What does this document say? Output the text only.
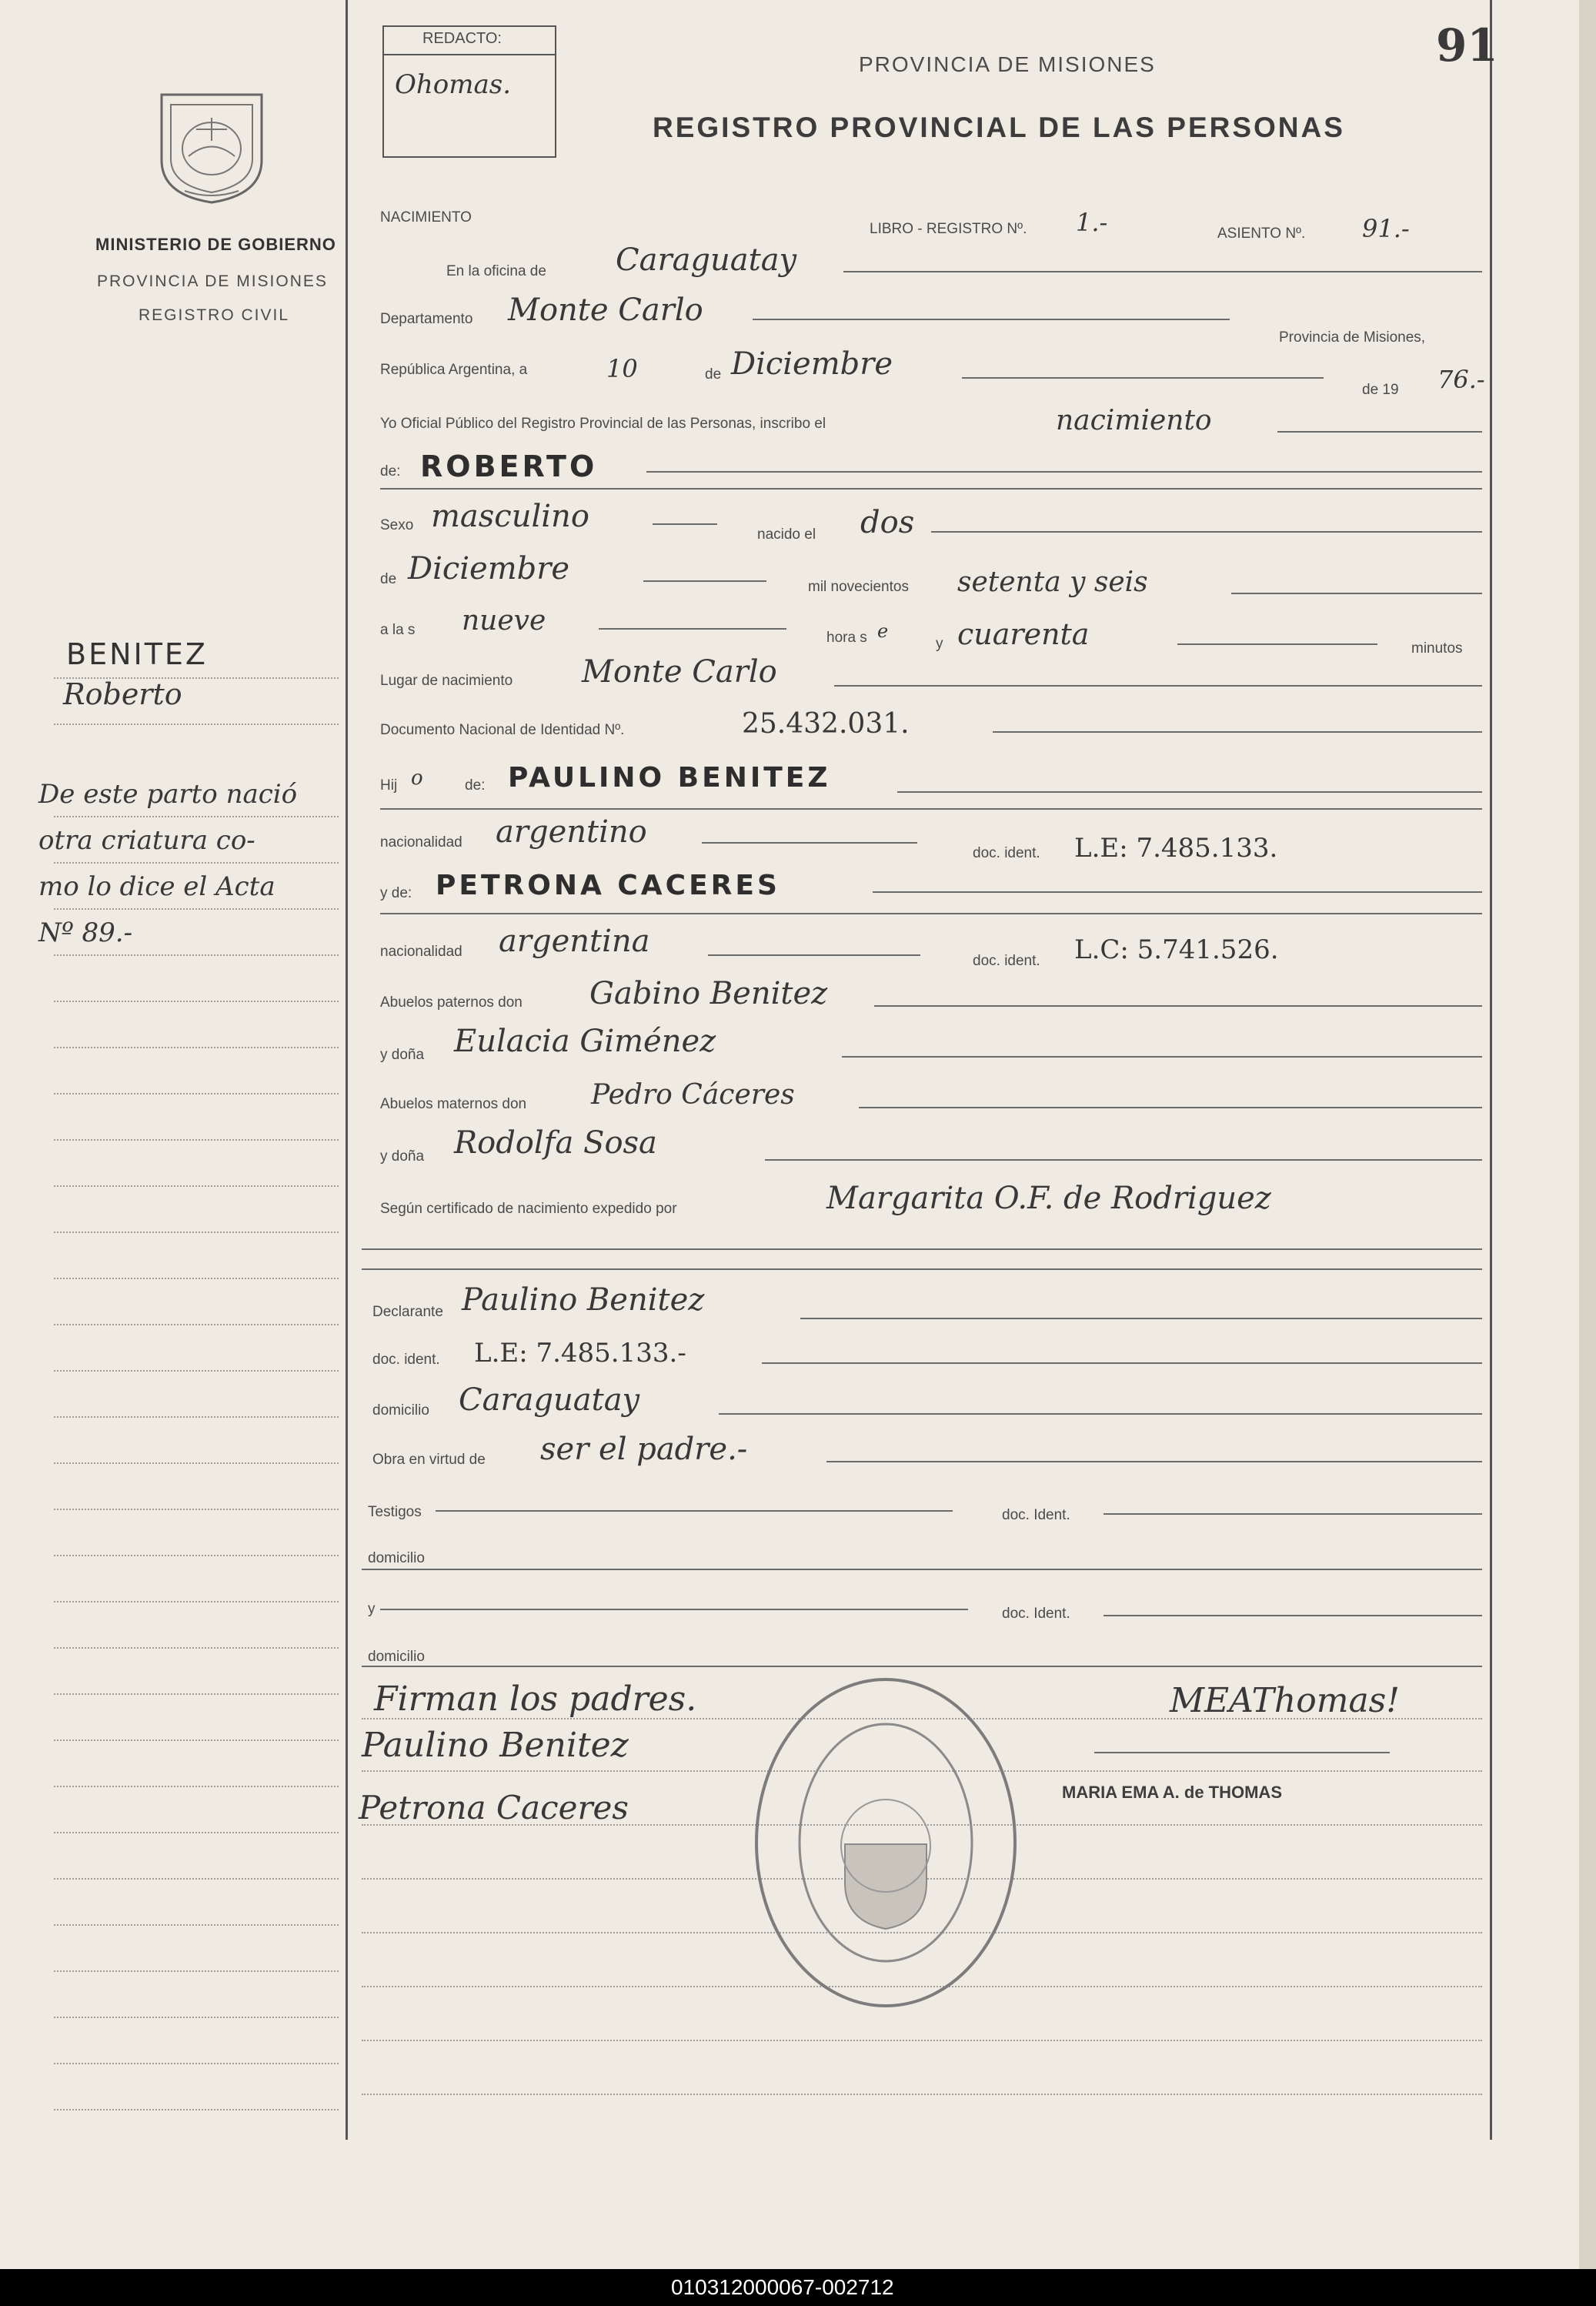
MINISTERIO DE GOBIERNO
PROVINCIA DE MISIONES
REGISTRO CIVIL
REDACTO:
Ohomas.
PROVINCIA DE MISIONES
REGISTRO PROVINCIAL DE LAS PERSONAS
91
NACIMIENTO
LIBRO - REGISTRO Nº. 1.-	ASIENTO Nº. 91.-
En la oficina de Caraguatay
Departamento Monte Carlo
Provincia de Misiones,
República Argentina, a	10	de Diciembre
de 19 76.-
Yo Oficial Público del Registro Provincial de las Personas, inscribo el	nacimiento
de: ROBERTO
Sexo masculino
nacido el dos
de Diciembre
mil novecientos setenta y seis
a la s nueve
hora s e
y cuarenta	minutos
Lugar de nacimiento Monte Carlo
Documento Nacional de Identidad Nº.	25.432.031.
Hij o	de: PAULINO BENITEZ
nacionalidad argentino
doc. ident. L.E: 7.485.133.
y de: PETRONA CACERES
nacionalidad argentina
doc. ident. L.C: 5.741.526.
Abuelos paternos don Gabino Benitez
y doña Eulacia Giménez
Abuelos maternos don Pedro Cáceres
y doña Rodolfa Sosa
Según certificado de nacimiento expedido por	Margarita O.F. de Rodriguez
Declarante Paulino Benitez
doc. ident. L.E: 7.485.133.-
domicilio Caraguatay
Obra en virtud de ser el padre.-
Testigos	doc. Ident.
domicilio
y	doc. Ident.
domicilio
Firman los padres.
Paulino Benitez
Petrona Caceres
MEAThomas!
MARIA EMA A. de THOMAS
BENITEZ
Roberto
De este parto nació
otra criatura co-
mo lo dice el Acta
Nº 89.-
010312000067-002712
